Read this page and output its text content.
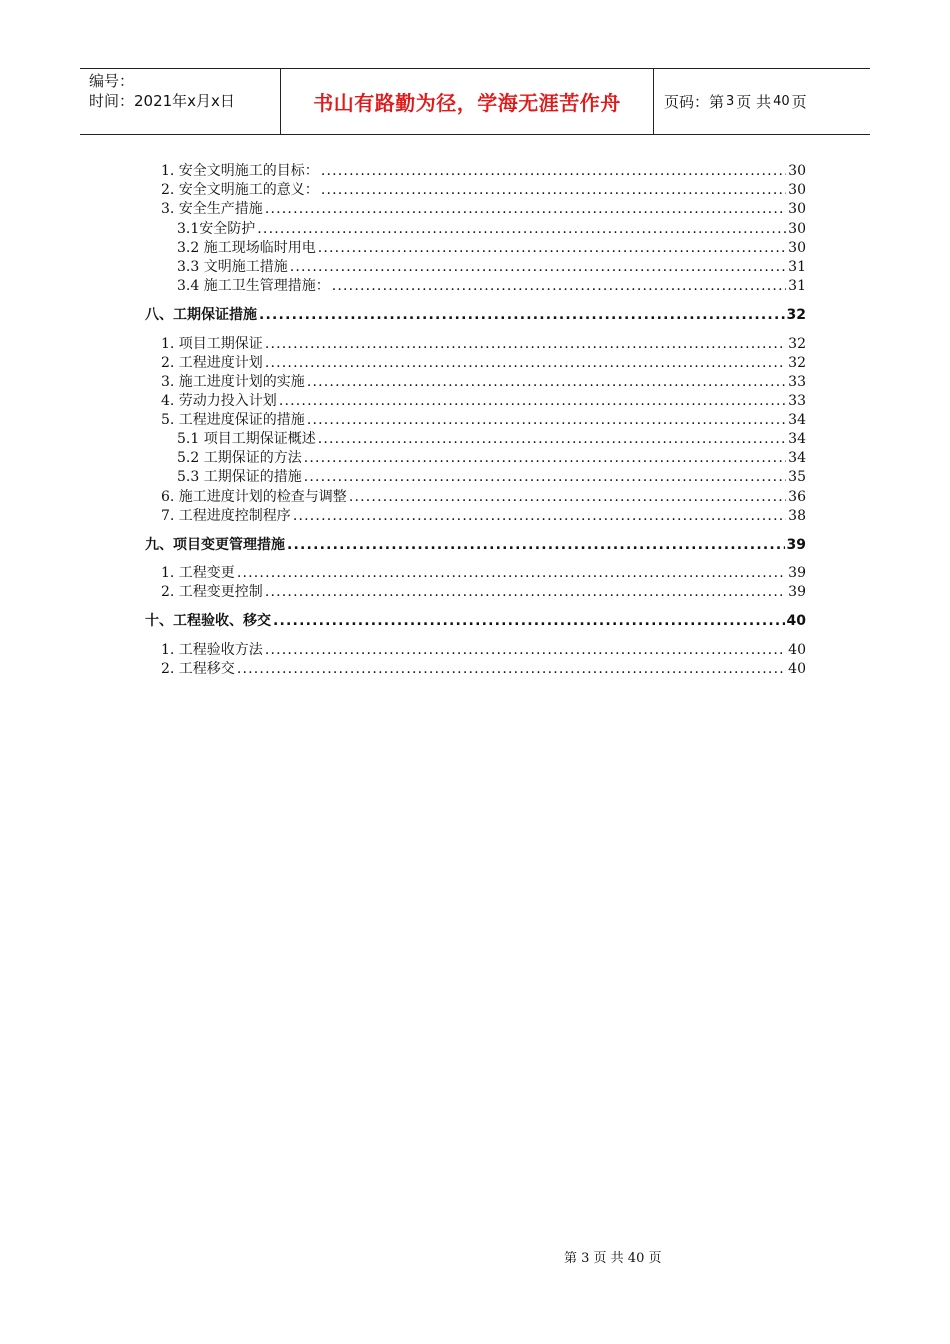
编号：
时间：2021年x月x日	书山有路勤为径，学海无涯苦作舟	页码：第 3 页 共 40 页
1. 安全文明施工的目标： .....	30
2. 安全文明施工的意义： .....	30
3. 安全生产措施 .....	30
3.1安全防护 .....	30
3.2 施工现场临时用电 .....	30
3.3 文明施工措施 .....	31
3.4 施工卫生管理措施： .....	31
八、工期保证措施 .....	32
1. 项目工期保证 .....	32
2. 工程进度计划 .....	32
3. 施工进度计划的实施 .....	33
4. 劳动力投入计划 .....	33
5. 工程进度保证的措施 .....	34
5.1 项目工期保证概述 .....	34
5.2 工期保证的方法 .....	34
5.3 工期保证的措施 .....	35
6. 施工进度计划的检查与调整 .....	36
7. 工程进度控制程序 .....	38
九、项目变更管理措施 .....	39
1. 工程变更 .....	39
2. 工程变更控制 .....	39
十、工程验收、移交 .....	40
1. 工程验收方法 .....	40
2. 工程移交 .....	40
第 3 页 共 40 页
